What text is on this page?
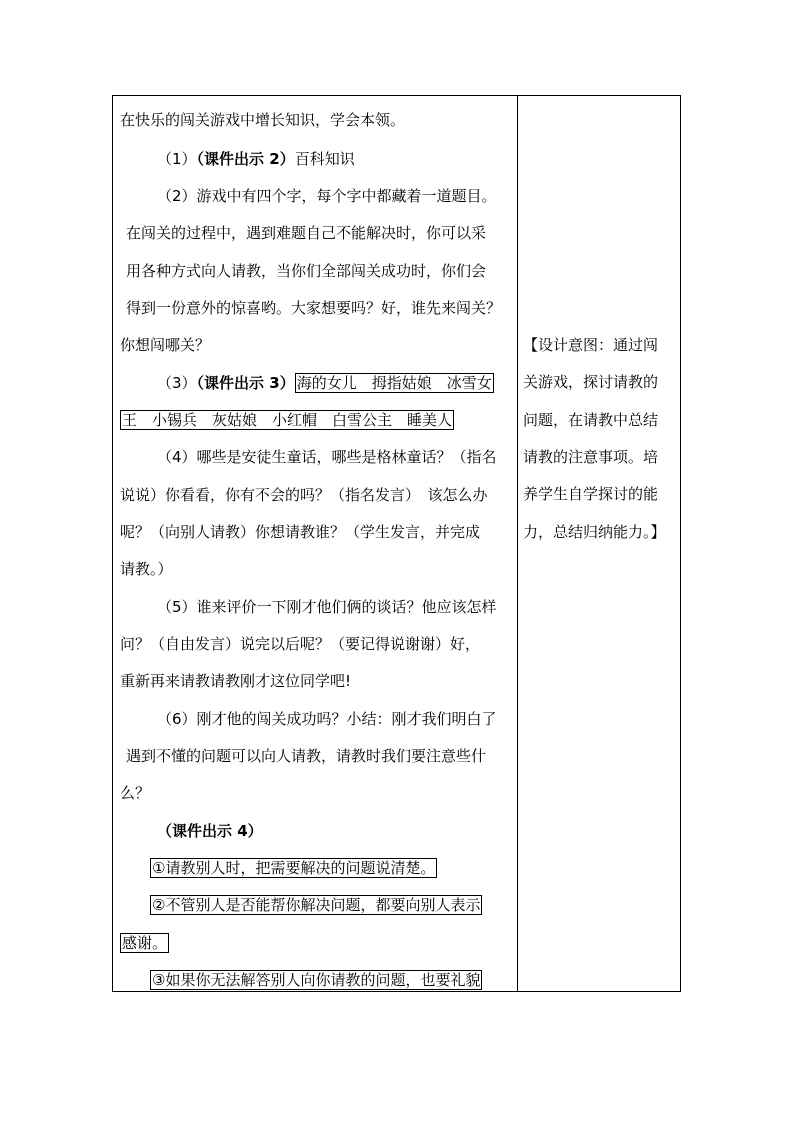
在快乐的闯关游戏中增长知识，学会本领。
（1）（课件出示 2）百科知识
（2）游戏中有四个字，每个字中都藏着一道题目。
在闯关的过程中，遇到难题自己不能解决时，你可以采
用各种方式向人请教，当你们全部闯关成功时，你们会
得到一份意外的惊喜哟。大家想要吗？好，谁先来闯关？
你想闯哪关？
（3）（课件出示 3） 海的女儿　拇指姑娘　冰雪女
王　小锡兵　灰姑娘　小红帽　白雪公主　睡美人
（4）哪些是安徒生童话，哪些是格林童话？（指名
说说）你看看，你有不会的吗？（指名发言）　该怎么办
呢？（向别人请教）你想请教谁？（学生发言，并完成
请教。）
（5）谁来评价一下刚才他们俩的谈话？他应该怎样
问？（自由发言）说完以后呢？（要记得说谢谢）好，
重新再来请教请教刚才这位同学吧!
（6）刚才他的闯关成功吗？小结：刚才我们明白了
遇到不懂的问题可以向人请教，请教时我们要注意些什
么？
（课件出示 4）
①请教别人时，把需要解决的问题说清楚。
②不管别人是否能帮你解决问题，都要向别人表示
感谢。
③如果你无法解答别人向你请教的问题，也要礼貌
【设计意图：通过闯
关游戏，探讨请教的
问题，在请教中总结
请教的注意事项。培
养学生自学探讨的能
力，总结归纳能力。】
